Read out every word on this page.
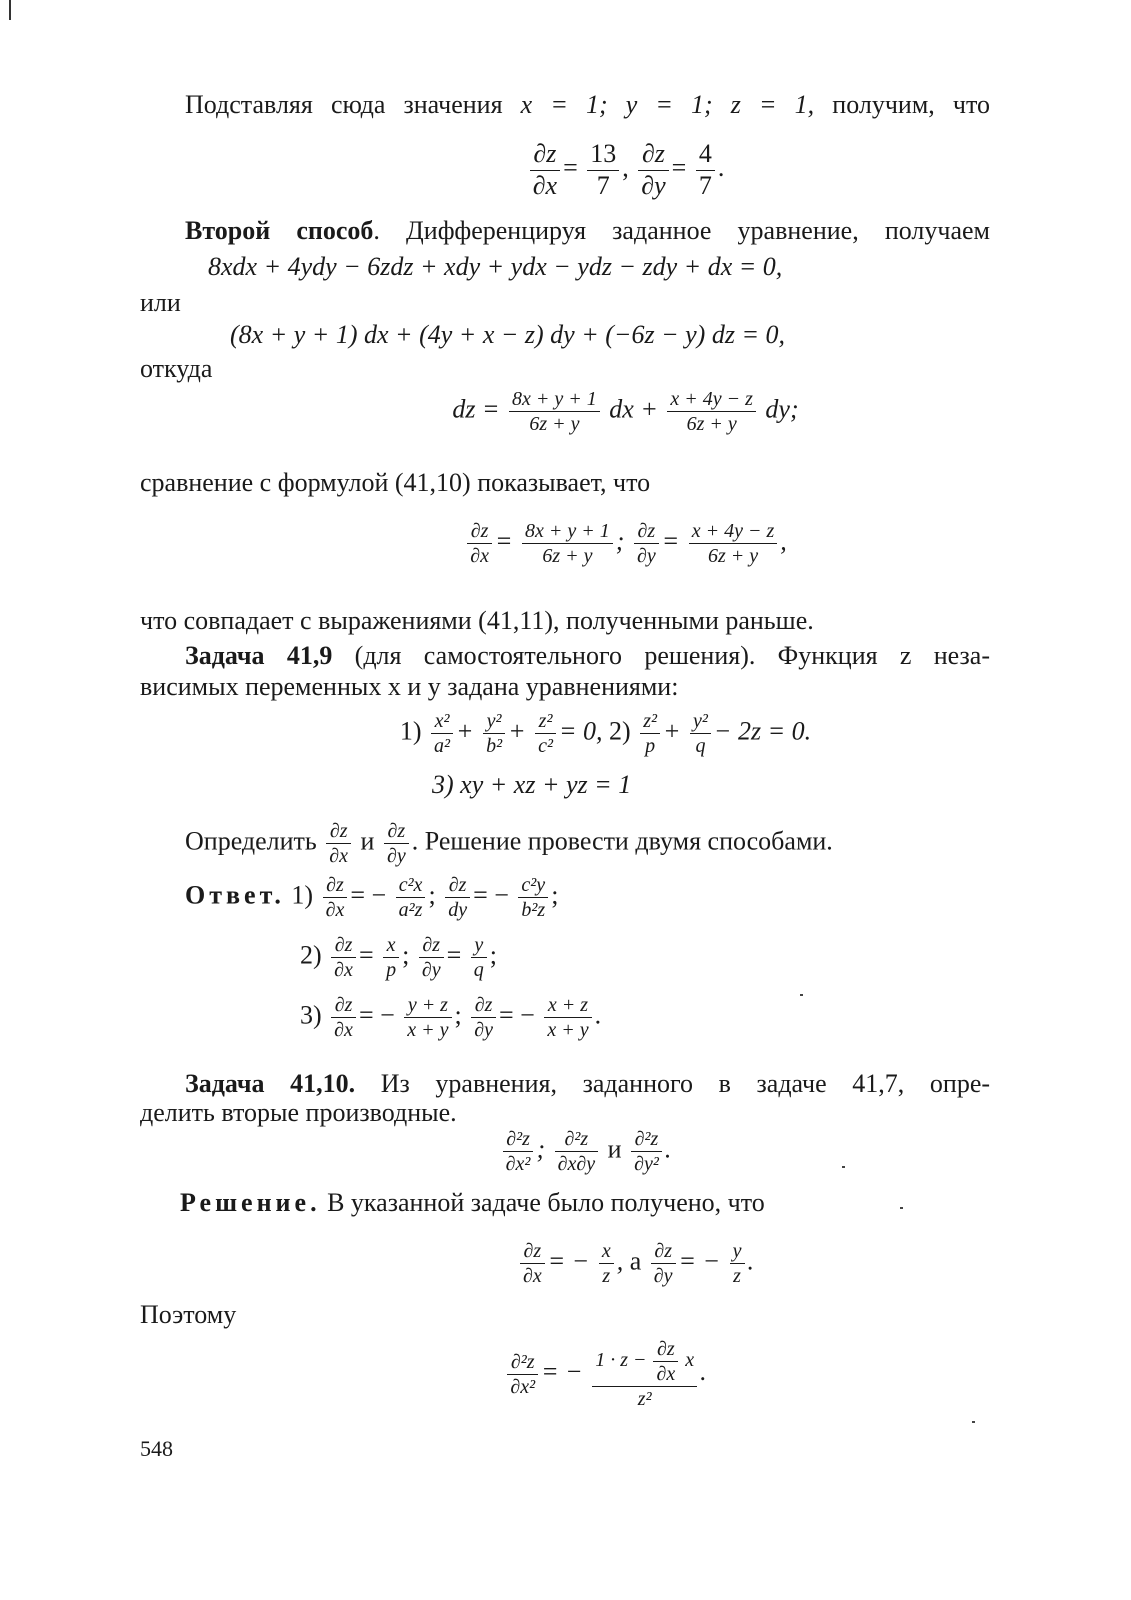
Подставляя сюда значения x = 1; y = 1; z = 1, получим, что
$\frac{\partial z}{\partial x} = \frac{13}{7}$ , $\frac{\partial z}{\partial y} = \frac{4}{7}$ .
Второй способ. Дифференцируя заданное уравнение, получаем
8xdx + 4ydy − 6zdz + xdy + ydx − ydz − zdy + dx = 0,
или
(8x + y + 1) dx + (4y + x − z) dy + (−6z − y) dz = 0,
откуда
dz = $\frac{8x + y + 1}{6z + y}$ dx + $\frac{x + 4y - z}{6z + y}$ dy;
сравнение с формулой (41,10) показывает, что
$\frac{\partial z}{\partial x} = \frac{8x + y + 1}{6z + y}$ ; $\frac{\partial z}{\partial y} = \frac{x + 4y - z}{6z + y}$ ,
что совпадает с выражениями (41,11), полученными раньше.
Задача 41,9 (для самостоятельного решения). Функция z неза-
висимых переменных x и y задана уравнениями:
$1) \frac{\text{x²}}{\text{a²}} + \frac{\text{y²}}{\text{b²}} + \frac{\text{z²}}{\text{c²}} = 0$, $2) \frac{\text{z²}}{p} + \frac{\text{y²}}{q} - 2z = 0$.
3) xy + xz + yz = 1
Определить $\frac{\partial z}{\partial x}$ и $\frac{\partial z}{\partial y}$ . Решение провести двумя способами.
Ответ. $1) \frac{\partial z}{\partial x}$ = − $\frac{\text{c²x}}{\text{a²z}}$ ; $\frac{\partial z}{dy}$ = − $\frac{\text{c²y}}{\text{b²z}}$ ;
$2) \frac{\partial z}{\partial x} = \frac{x}{p}$ ; $\frac{\partial z}{\partial y} = \frac{y}{q}$ ;
$3) \frac{\partial z}{\partial x}$ = − $\frac{y + z}{x + y}$ ; $\frac{\partial z}{\partial y}$ = − $\frac{x + z}{x + y}$ .
Задача 41,10. Из уравнения, заданного в задаче 41,7, опре-
делить вторые производные.
$\frac{\text{∂²z}}{\text{∂x²}}$ ; $\frac{\text{∂²z}}{\partial x\partial y}$ и $\frac{\text{∂²z}}{\text{∂y²}}$ .
Решение. В указанной задаче было получено, что
$\frac{\partial z}{\partial x}$ = − $\frac{x}{z}$ , а $\frac{\partial z}{\partial y}$ = − $\frac{y}{z}$ .
Поэтому
$\frac{\text{∂²z}}{\text{∂x²}}$ = − $\frac{1 \cdot z - \frac{\partial z}{\partial x} x}{\text{z²}}$ .
548
